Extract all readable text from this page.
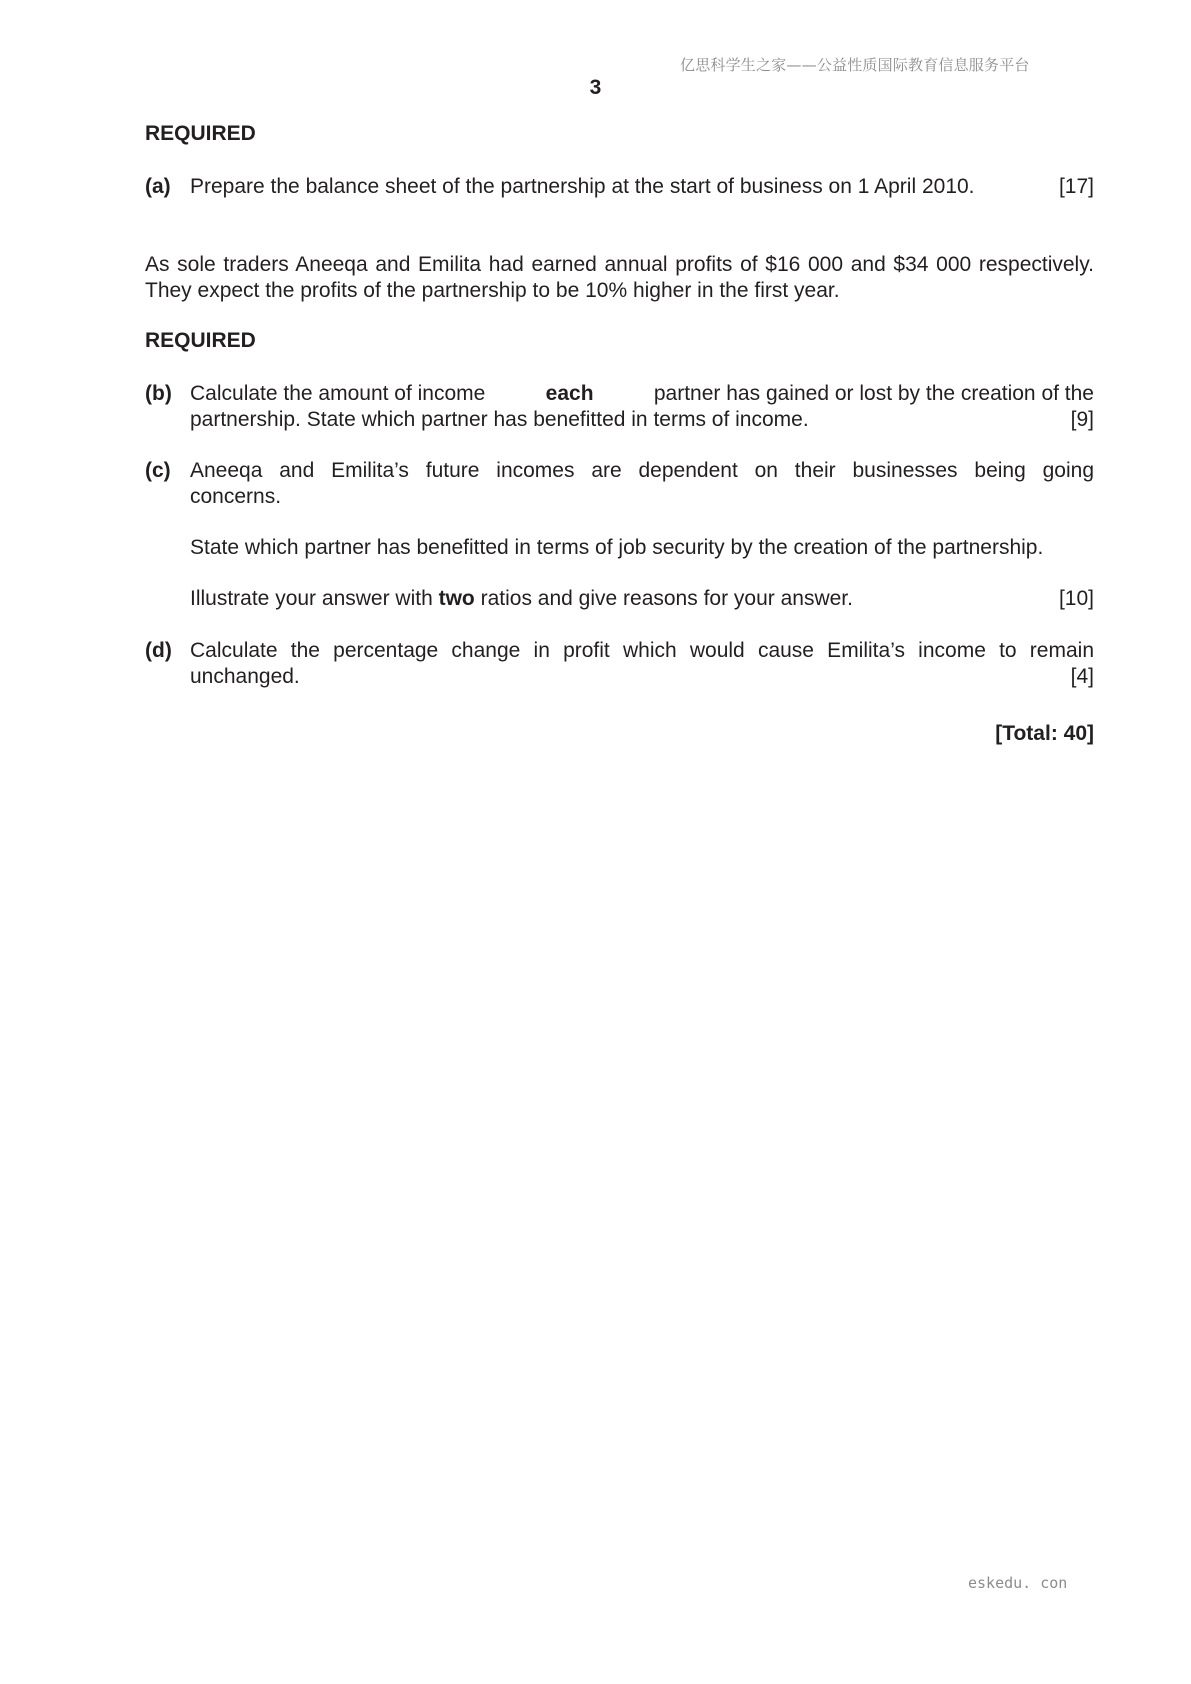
亿思科学生之家——公益性质国际教育信息服务平台
3
REQUIRED
(a) Prepare the balance sheet of the partnership at the start of business on 1 April 2010.	[17]
As sole traders Aneeqa and Emilita had earned annual profits of $16 000 and $34 000 respectively.
They expect the profits of the partnership to be 10% higher in the first year.
REQUIRED
(b) Calculate the amount of income	each	partner has gained or lost by the creation of the
partnership. State which partner has benefitted in terms of income.	[9]
(c) Aneeqa and Emilita’s future incomes are dependent on their businesses being going
concerns.
State which partner has benefitted in terms of job security by the creation of the partnership.
Illustrate your answer with two ratios and give reasons for your answer.	[10]
(d) Calculate the percentage change in profit which would cause Emilita’s income to remain
unchanged.	[4]
[Total: 40]
eskedu. con
